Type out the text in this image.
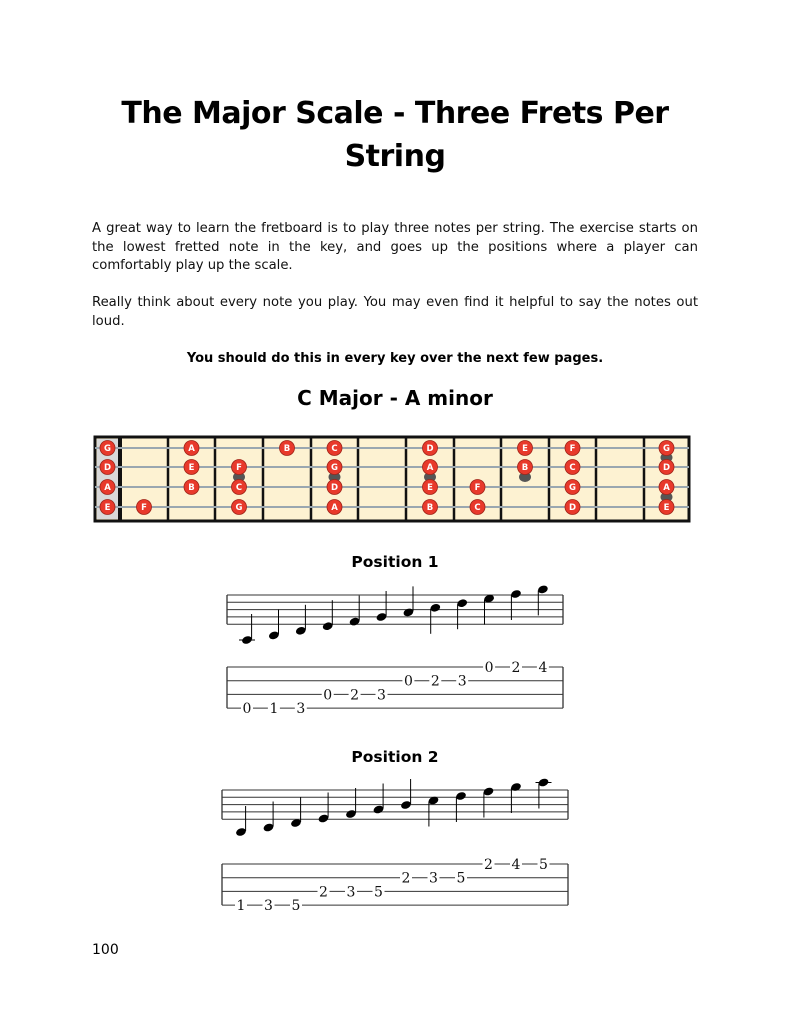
The Major Scale - Three Frets Per String
A great way to learn the fretboard is to play three notes per string. The exercise starts on the lowest fretted note in the key, and goes up the positions where a player can comfortably play up the scale.
Really think about every note you play. You may even find it helpful to say the notes out loud.
You should do this in every key over the next few pages.
C Major - A minor
G	A	B	C	D	E	F	G
D	E	F	G	A	B	C	D
A	B	C	D	E	F	G	A
E	F	G	A	B	C	D	E
Position 1
0 1 3
0 2 3
0 2 3
0 2 4
Position 2
1 3 5
2 3 5
2 3 5
2 4 5
100
